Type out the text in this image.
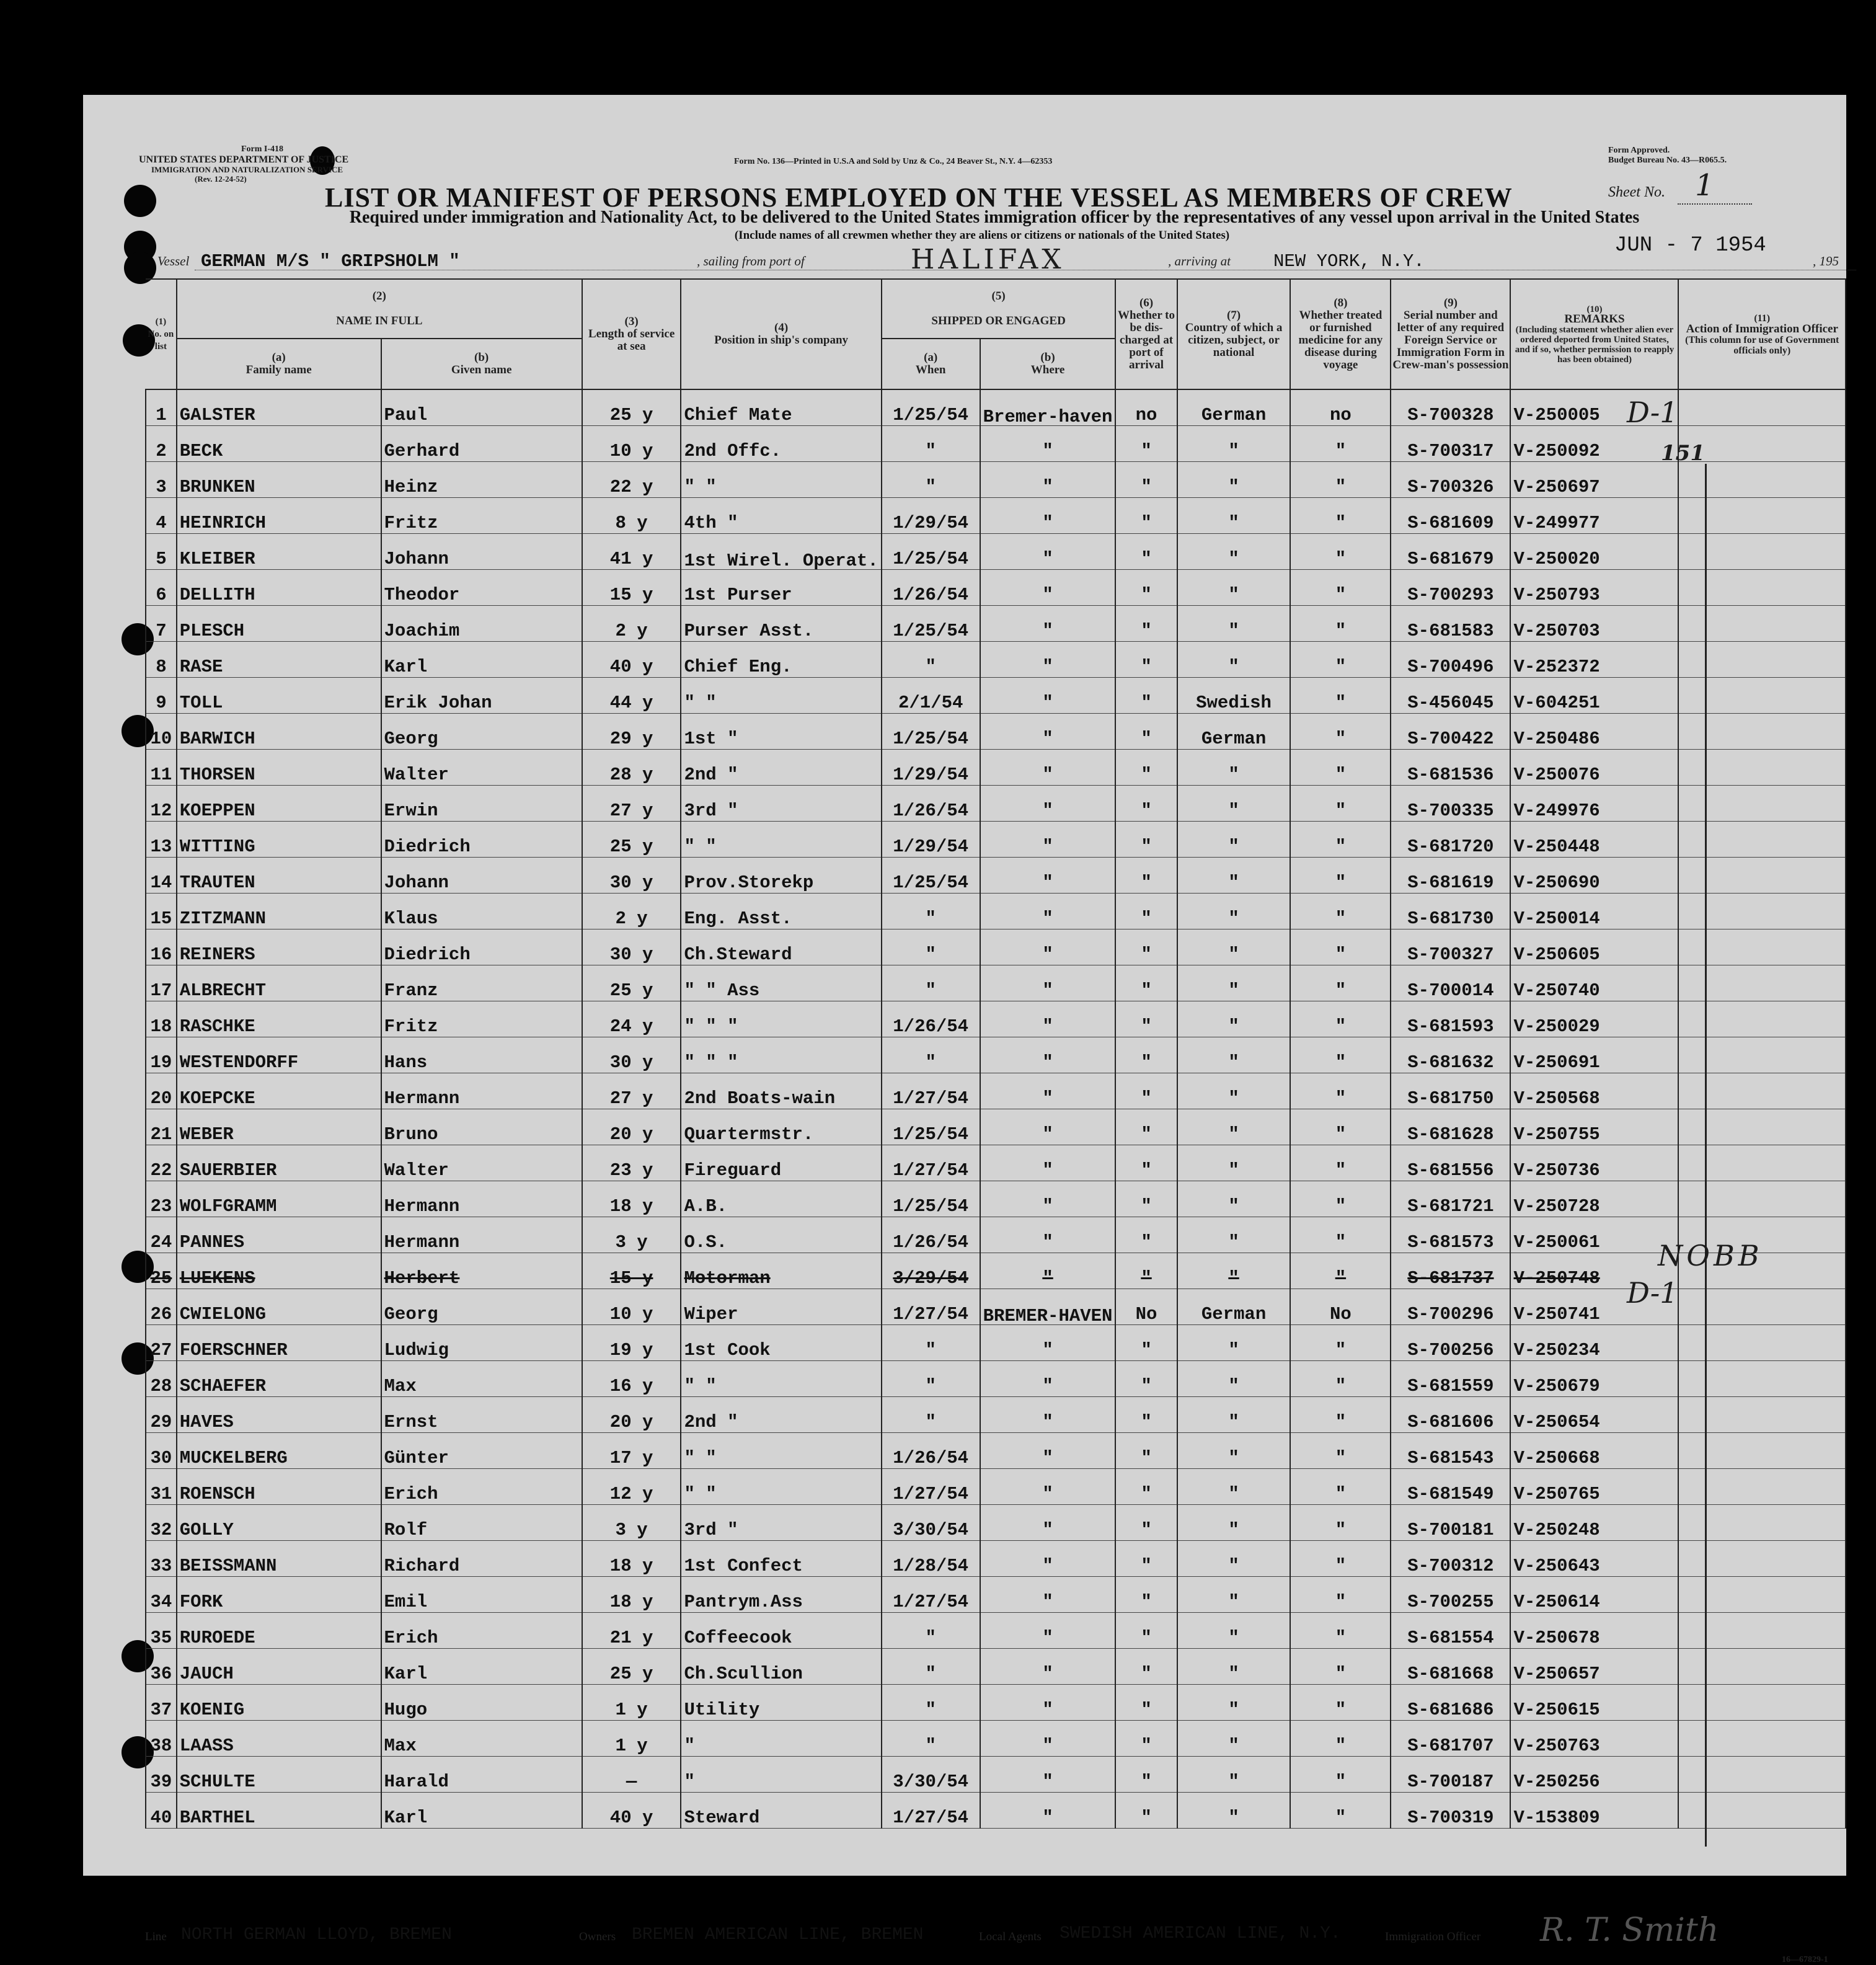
Form I-418
UNITED STATES DEPARTMENT OF JUSTICE
IMMIGRATION AND NATURALIZATION SERVICE
(Rev. 12-24-52)
Form No. 136—Printed in U.S.A and Sold by Unz & Co., 24 Beaver St., N.Y. 4—62353
Form Approved.
Budget Bureau No. 43—R065.5.
Sheet No. 1
LIST OR MANIFEST OF PERSONS EMPLOYED ON THE VESSEL AS MEMBERS OF CREW
Required under immigration and Nationality Act, to be delivered to the United States immigration officer by the representatives of any vessel upon arrival in the United States
(Include names of all crewmen whether they are aliens or citizens or nationals of the United States)
Vessel GERMAN M/S " GRIPSHOLM "	, sailing from port of	HALIFAX	, arriving at NEW YORK, N.Y.
JUN - 7 1954
, 195
(1)
No. on list	(2)

NAME IN FULL		(3)
Length of service at sea	(4)
Position in ship's company	(5)

SHIPPED OR ENGAGED		(6)
Whether to be dis-charged at port of arrival	(7)
Country of which a citizen, subject, or national	(8)
Whether treated or furnished medicine for any disease during voyage	(9)
Serial number and letter of any required Foreign Service or Immigration Form in Crew-man's possession	(10)
REMARKS
(Including statement whether alien ever ordered deported from United States, and if so, whether permission to reapply has been obtained)	(11)
Action of Immigration Officer
(This column for use of Government officials only)
	(a)
Family name	(b)
Given name			(a)
When	(b)
Where						
1	GALSTER	Paul	25 y	Chief Mate	1/25/54	Bremer-haven	no	German	no	S-700328	V-250005	
2	BECK	Gerhard	10 y	2nd Offc.	"	"	"	"	"	S-700317	V-250092	
3	BRUNKEN	Heinz	22 y	" "	"	"	"	"	"	S-700326	V-250697	
4	HEINRICH	Fritz	8 y	4th "	1/29/54	"	"	"	"	S-681609	V-249977	
5	KLEIBER	Johann	41 y	1st Wirel. Operat.	1/25/54	"	"	"	"	S-681679	V-250020	
6	DELLITH	Theodor	15 y	1st Purser	1/26/54	"	"	"	"	S-700293	V-250793	
7	PLESCH	Joachim	2 y	Purser Asst.	1/25/54	"	"	"	"	S-681583	V-250703	
8	RASE	Karl	40 y	Chief Eng.	"	"	"	"	"	S-700496	V-252372	
9	TOLL	Erik Johan	44 y	" "	2/1/54	"	"	Swedish	"	S-456045	V-604251	
10	BARWICH	Georg	29 y	1st "	1/25/54	"	"	German	"	S-700422	V-250486	
11	THORSEN	Walter	28 y	2nd "	1/29/54	"	"	"	"	S-681536	V-250076	
12	KOEPPEN	Erwin	27 y	3rd "	1/26/54	"	"	"	"	S-700335	V-249976	
13	WITTING	Diedrich	25 y	" "	1/29/54	"	"	"	"	S-681720	V-250448	
14	TRAUTEN	Johann	30 y	Prov.Storekp	1/25/54	"	"	"	"	S-681619	V-250690	
15	ZITZMANN	Klaus	2 y	Eng. Asst.	"	"	"	"	"	S-681730	V-250014	
16	REINERS	Diedrich	30 y	Ch.Steward	"	"	"	"	"	S-700327	V-250605	
17	ALBRECHT	Franz	25 y	" " Ass	"	"	"	"	"	S-700014	V-250740	
18	RASCHKE	Fritz	24 y	" " "	1/26/54	"	"	"	"	S-681593	V-250029	
19	WESTENDORFF	Hans	30 y	" " "	"	"	"	"	"	S-681632	V-250691	
20	KOEPCKE	Hermann	27 y	2nd Boats-wain	1/27/54	"	"	"	"	S-681750	V-250568	
21	WEBER	Bruno	20 y	Quartermstr.	1/25/54	"	"	"	"	S-681628	V-250755	
22	SAUERBIER	Walter	23 y	Fireguard	1/27/54	"	"	"	"	S-681556	V-250736	
23	WOLFGRAMM	Hermann	18 y	A.B.	1/25/54	"	"	"	"	S-681721	V-250728	
24	PANNES	Hermann	3 y	O.S.	1/26/54	"	"	"	"	S-681573	V-250061	
25	LUEKENS	Herbert	15 y	Motorman	3/29/54	"	"	"	"	S-681737	V-250748	
26	CWIELONG	Georg	10 y	Wiper	1/27/54	BREMER-HAVEN	No	German	No	S-700296	V-250741	
27	FOERSCHNER	Ludwig	19 y	1st Cook	"	"	"	"	"	S-700256	V-250234	
28	SCHAEFER	Max	16 y	" "	"	"	"	"	"	S-681559	V-250679	
29	HAVES	Ernst	20 y	2nd "	"	"	"	"	"	S-681606	V-250654	
30	MUCKELBERG	Günter	17 y	" "	1/26/54	"	"	"	"	S-681543	V-250668	
31	ROENSCH	Erich	12 y	" "	1/27/54	"	"	"	"	S-681549	V-250765	
32	GOLLY	Rolf	3 y	3rd "	3/30/54	"	"	"	"	S-700181	V-250248	
33	BEISSMANN	Richard	18 y	1st Confect	1/28/54	"	"	"	"	S-700312	V-250643	
34	FORK	Emil	18 y	Pantrym.Ass	1/27/54	"	"	"	"	S-700255	V-250614	
35	RUROEDE	Erich	21 y	Coffeecook	"	"	"	"	"	S-681554	V-250678	
36	JAUCH	Karl	25 y	Ch.Scullion	"	"	"	"	"	S-681668	V-250657	
37	KOENIG	Hugo	1 y	Utility	"	"	"	"	"	S-681686	V-250615	
38	LAASS	Max	1 y	"	"	"	"	"	"	S-681707	V-250763	
39	SCHULTE	Harald	—	"	3/30/54	"	"	"	"	S-700187	V-250256	
40	BARTHEL	Karl	40 y	Steward	1/27/54	"	"	"	"	S-700319	V-153809	
D-1
151
NOBB
D-1
Line NORTH GERMAN LLOYD, BREMEN	Owners BREMEN AMERICAN LINE, BREMEN	Local Agents SWEDISH AMERICAN LINE, N.Y.	Immigration Officer R. T. Smith
16—67829-1
